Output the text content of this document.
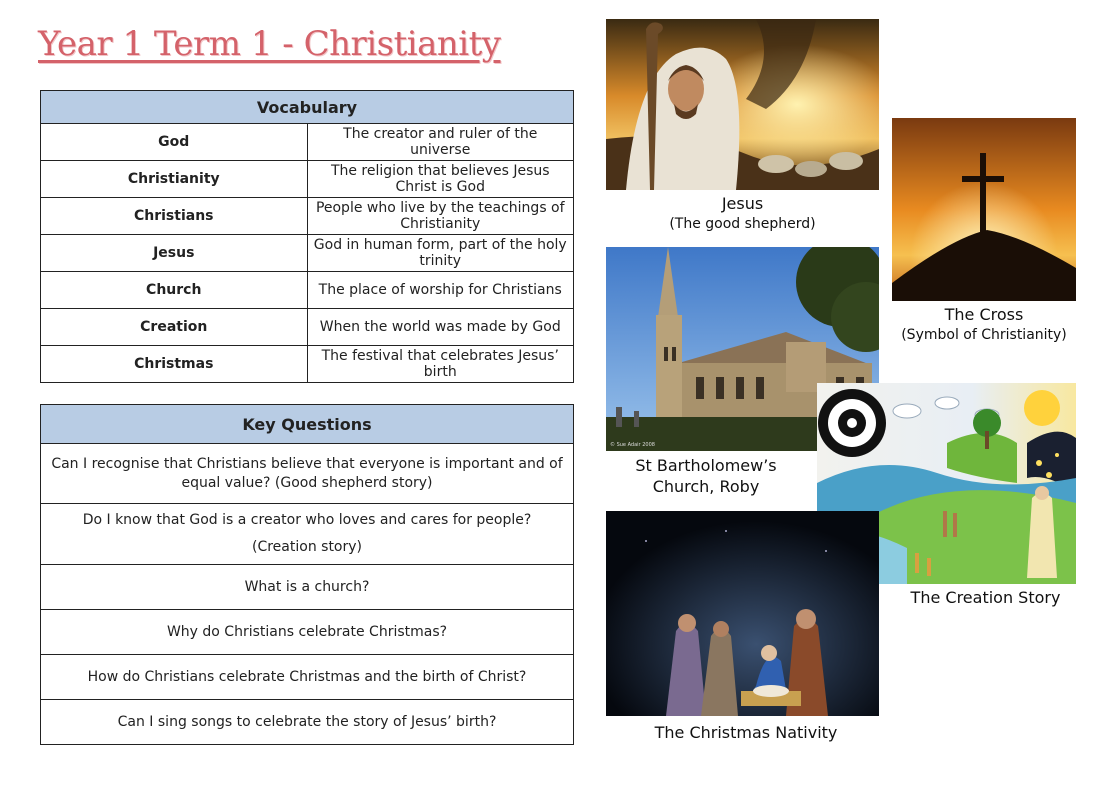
Year 1 Term 1 - Christianity
Vocabulary	
God	The creator and ruler of the universe
Christianity	The religion that believes Jesus Christ is God
Christians	People who live by the teachings of Christianity
Jesus	God in human form, part of the holy trinity
Church	The place of worship for Christians
Creation	When the world was made by God
Christmas	The festival that celebrates Jesus’ birth
Key Questions

Can I recognise that Christians believe that everyone is important and of
equal value? (Good shepherd story)

Do I know that God is a creator who loves and cares for people?
(Creation story)

What is a church?

Why do Christians celebrate Christmas?

How do Christians celebrate Christmas and the birth of Christ?

Can I sing songs to celebrate the story of Jesus’ birth?
Jesus
(The good shepherd)
The Cross
(Symbol of Christianity)
© Sue Adair 2008
St Bartholomew’s
Church, Roby
The Creation Story
The Christmas Nativity
